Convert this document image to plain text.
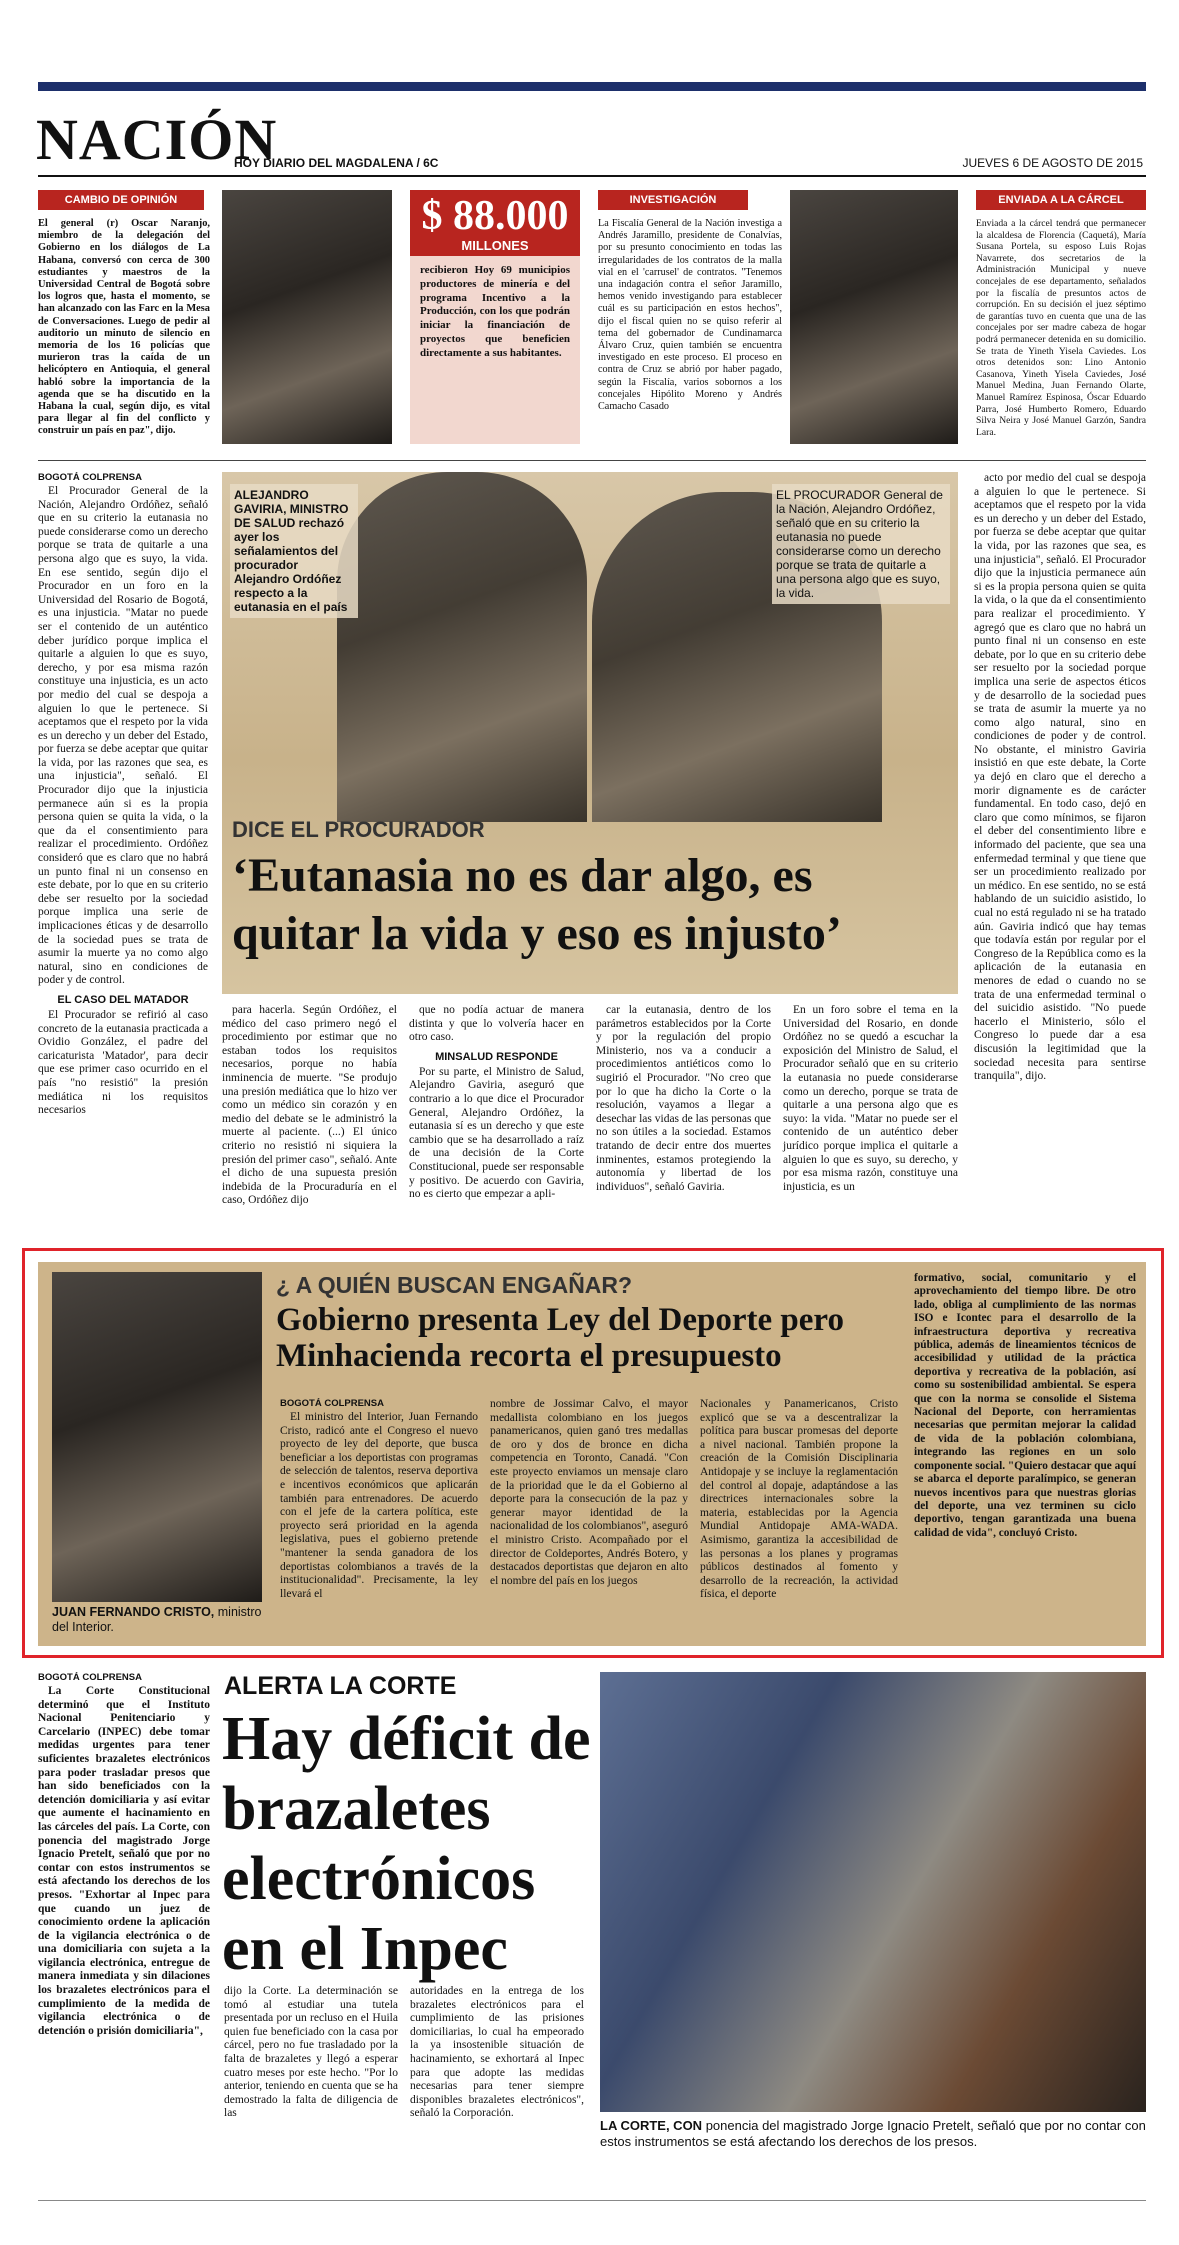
NACIÓN
HOY DIARIO DEL MAGDALENA / 6C	JUEVES 6 DE AGOSTO DE 2015
CAMBIO DE OPINIÓN
El general (r) Óscar Naranjo, miembro de la delegación del Gobierno en los diálogos de La Habana, conversó con cerca de 300 estudiantes y maestros de la Universidad Central de Bogotá sobre los logros que, hasta el momento, se han alcanzado con las Farc en la Mesa de Conversaciones. Luego de pedir al auditorio un minuto de silencio en memoria de los 16 policías que murieron tras la caída de un helicóptero en Antioquia, el general habló sobre la importancia de la agenda que se ha discutido en la Habana la cual, según dijo, es vital para llegar al fin del conflicto y construir un país en paz", dijo.
$ 88.000
MILLONES
recibieron Hoy 69 municipios productores de minería e del programa Incentivo a la Producción, con los que podrán iniciar la financiación de proyectos que beneficien directamente a sus habitantes.
INVESTIGACIÓN
La Fiscalía General de la Nación investiga a Andrés Jaramillo, presidente de Conalvías, por su presunto conocimiento en todas las irregularidades de los contratos de la malla vial en el 'carrusel' de contratos. "Tenemos una indagación contra el señor Jaramillo, hemos venido investigando para establecer cuál es su participación en estos hechos", dijo el fiscal quien no se quiso referir al tema del gobernador de Cundinamarca Álvaro Cruz, quien también se encuentra investigado en este proceso. El proceso en contra de Cruz se abrió por haber pagado, según la Fiscalía, varios sobornos a los concejales Hipólito Moreno y Andrés Camacho Casado
ENVIADA A LA CÁRCEL
Enviada a la cárcel tendrá que permanecer la alcaldesa de Florencia (Caquetá), María Susana Portela, su esposo Luis Rojas Navarrete, dos secretarios de la Administración Municipal y nueve concejales de ese departamento, señalados por la fiscalía de presuntos actos de corrupción. En su decisión el juez séptimo de garantías tuvo en cuenta que una de las concejales por ser madre cabeza de hogar podrá permanecer detenida en su domicilio. Se trata de Yineth Yisela Caviedes. Los otros detenidos son: Lino Antonio Casanova, Yineth Yisela Caviedes, José Manuel Medina, Juan Fernando Olarte, Manuel Ramírez Espinosa, Óscar Eduardo Parra, José Humberto Romero, Eduardo Silva Neira y José Manuel Garzón, Sandra Lara.

BOGOTÁ COLPRENSA

El Procurador General de la Nación, Alejandro Ordóñez, señaló que en su criterio la eutanasia no puede considerarse como un derecho porque se trata de quitarle a una persona algo que es suyo, la vida. En ese sentido, según dijo el Procurador en un foro en la Universidad del Rosario de Bogotá, es una injusticia. "Matar no puede ser el contenido de un auténtico deber jurídico porque implica el quitarle a alguien lo que es suyo, derecho, y por esa misma razón constituye una injusticia, es un acto por medio del cual se despoja a alguien lo que le pertenece. Si aceptamos que el respeto por la vida es un derecho y un deber del Estado, por fuerza se debe aceptar que quitar la vida, por las razones que sea, es una injusticia", señaló. El Procurador dijo que la injusticia permanece aún si es la propia persona quien se quita la vida, o la que da el consentimiento para realizar el procedimiento. Ordóñez consideró que es claro que no habrá un punto final ni un consenso en este debate, por lo que en su criterio debe ser resuelto por la sociedad porque implica una serie de implicaciones éticas y de desarrollo de la sociedad pues se trata de asumir la muerte ya no como algo natural, sino en condiciones de poder y de control.
EL CASO DEL MATADOR
El Procurador se refirió al caso concreto de la eutanasia practicada a Ovidio González, el padre del caricaturista 'Matador', para decir que ese primer caso ocurrido en el país "no resistió" la presión mediática ni los requisitos necesarios
ALEJANDRO GAVIRIA, MINISTRO DE SALUD rechazó ayer los señalamientos del procurador Alejandro Ordóñez respecto a la eutanasia en el país
EL PROCURADOR General de la Nación, Alejandro Ordóñez, señaló que en su criterio la eutanasia no puede considerarse como un derecho porque se trata de quitarle a una persona algo que es suyo, la vida.
DICE EL PROCURADOR
‘Eutanasia no es dar algo, es quitar la vida y eso es injusto’
para hacerla. Según Ordóñez, el médico del caso primero negó el procedimiento por estimar que no estaban todos los requisitos necesarios, porque no había inminencia de muerte. "Se produjo una presión mediática que lo hizo ver como un médico sin corazón y en medio del debate se le administró la muerte al paciente. (...) El único criterio no resistió ni siquiera la presión del primer caso", señaló. Ante el dicho de una supuesta presión indebida de la Procuraduría en el caso, Ordóñez dijo
que no podía actuar de manera distinta y que lo volvería hacer en otro caso.
MINSALUD RESPONDE
Por su parte, el Ministro de Salud, Alejandro Gaviria, aseguró que contrario a lo que dice el Procurador General, Alejandro Ordóñez, la eutanasia sí es un derecho y que este cambio que se ha desarrollado a raíz de una decisión de la Corte Constitucional, puede ser responsable y positivo. De acuerdo con Gaviria, no es cierto que empezar a apli-
car la eutanasia, dentro de los parámetros establecidos por la Corte y por la regulación del propio Ministerio, nos va a conducir a procedimientos antiéticos como lo sugirió el Procurador. "No creo que por lo que ha dicho la Corte o la resolución, vayamos a llegar a desechar las vidas de las personas que no son útiles a la sociedad. Estamos tratando de decir entre dos muertes inminentes, estamos protegiendo la autonomía y libertad de los individuos", señaló Gaviria.
En un foro sobre el tema en la Universidad del Rosario, en donde Ordóñez no se quedó a escuchar la exposición del Ministro de Salud, el Procurador señaló que en su criterio la eutanasia no puede considerarse como un derecho, porque se trata de quitarle a una persona algo que es suyo: la vida. "Matar no puede ser el contenido de un auténtico deber jurídico porque implica el quitarle a alguien lo que es suyo, su derecho, y por esa misma razón, constituye una injusticia, es un
acto por medio del cual se despoja a alguien lo que le pertenece. Si aceptamos que el respeto por la vida es un derecho y un deber del Estado, por fuerza se debe aceptar que quitar la vida, por las razones que sea, es una injusticia", señaló. El Procurador dijo que la injusticia permanece aún si es la propia persona quien se quita la vida, o la que da el consentimiento para realizar el procedimiento. Y agregó que es claro que no habrá un punto final ni un consenso en este debate, por lo que en su criterio debe ser resuelto por la sociedad porque implica una serie de aspectos éticos y de desarrollo de la sociedad pues se trata de asumir la muerte ya no como algo natural, sino en condiciones de poder y de control. No obstante, el ministro Gaviria insistió en que este debate, la Corte ya dejó en claro que el derecho a morir dignamente es de carácter fundamental. En todo caso, dejó en claro que como mínimos, se fijaron el deber del consentimiento libre e informado del paciente, que sea una enfermedad terminal y que tiene que ser un procedimiento realizado por un médico. En ese sentido, no se está hablando de un suicidio asistido, lo cual no está regulado ni se ha tratado aún. Gaviria indicó que hay temas que todavía están por regular por el Congreso de la República como es la aplicación de la eutanasia en menores de edad o cuando no se trata de una enfermedad terminal o del suicidio asistido. "No puede hacerlo el Ministerio, sólo el Congreso lo puede dar a esa discusión la legitimidad que la sociedad necesita para sentirse tranquila", dijo.
JUAN FERNANDO CRISTO, ministro del Interior.
¿ A QUIÉN BUSCAN ENGAÑAR?
Gobierno presenta Ley del Deporte pero Minhacienda recorta el presupuesto

BOGOTÁ COLPRENSA

El ministro del Interior, Juan Fernando Cristo, radicó ante el Congreso el nuevo proyecto de ley del deporte, que busca beneficiar a los deportistas con programas de selección de talentos, reserva deportiva e incentivos económicos que aplicarán también para entrenadores. De acuerdo con el jefe de la cartera política, este proyecto será prioridad en la agenda legislativa, pues el gobierno pretende "mantener la senda ganadora de los deportistas colombianos a través de la institucionalidad". Precisamente, la ley llevará el
nombre de Jossimar Calvo, el mayor medallista colombiano en los juegos panamericanos, quien ganó tres medallas de oro y dos de bronce en dicha competencia en Toronto, Canadá. "Con este proyecto enviamos un mensaje claro de la prioridad que le da el Gobierno al deporte para la consecución de la paz y generar mayor identidad de la nacionalidad de los colombianos", aseguró el ministro Cristo. Acompañado por el director de Coldeportes, Andrés Botero, y destacados deportistas que dejaron en alto el nombre del país en los juegos
Nacionales y Panamericanos, Cristo explicó que se va a descentralizar la política para buscar promesas del deporte a nivel nacional. También propone la creación de la Comisión Disciplinaria Antidopaje y se incluye la reglamentación del control al dopaje, adaptándose a las directrices internacionales sobre la materia, establecidas por la Agencia Mundial Antidopaje AMA-WADA. Asimismo, garantiza la accesibilidad de las personas a los planes y programas públicos destinados al fomento y desarrollo de la recreación, la actividad física, el deporte
formativo, social, comunitario y el aprovechamiento del tiempo libre. De otro lado, obliga al cumplimiento de las normas ISO e Icontec para el desarrollo de la infraestructura deportiva y recreativa pública, además de lineamientos técnicos de accesibilidad y utilidad de la práctica deportiva y recreativa de la población, así como su sostenibilidad ambiental. Se espera que con la norma se consolide el Sistema Nacional del Deporte, con herramientas necesarias que permitan mejorar la calidad de vida de la población colombiana, integrando las regiones en un solo componente social. "Quiero destacar que aquí se abarca el deporte paralímpico, se generan nuevos incentivos para que nuestras glorias del deporte, una vez terminen su ciclo deportivo, tengan garantizada una buena calidad de vida", concluyó Cristo.

BOGOTÁ COLPRENSA

La Corte Constitucional determinó que el Instituto Nacional Penitenciario y Carcelario (INPEC) debe tomar medidas urgentes para tener suficientes brazaletes electrónicos para poder trasladar presos que han sido beneficiados con la detención domiciliaria y así evitar que aumente el hacinamiento en las cárceles del país. La Corte, con ponencia del magistrado Jorge Ignacio Pretelt, señaló que por no contar con estos instrumentos se está afectando los derechos de los presos. "Exhortar al Inpec para que cuando un juez de conocimiento ordene la aplicación de la vigilancia electrónica o de una domiciliaria con sujeta a la vigilancia electrónica, entregue de manera inmediata y sin dilaciones los brazaletes electrónicos para el cumplimiento de la medida de vigilancia electrónica o de detención o prisión domiciliaria",
ALERTA LA CORTE
Hay déficit de brazaletes electrónicos en el Inpec
dijo la Corte. La determinación se tomó al estudiar una tutela presentada por un recluso en el Huila quien fue beneficiado con la casa por cárcel, pero no fue trasladado por la falta de brazaletes y llegó a esperar cuatro meses por este hecho. "Por lo anterior, teniendo en cuenta que se ha demostrado la falta de diligencia de las
autoridades en la entrega de los brazaletes electrónicos para el cumplimiento de las prisiones domiciliarias, lo cual ha empeorado la ya insostenible situación de hacinamiento, se exhortará al Inpec para que adopte las medidas necesarias para tener siempre disponibles brazaletes electrónicos", señaló la Corporación.
LA CORTE, CON ponencia del magistrado Jorge Ignacio Pretelt, señaló que por no contar con estos instrumentos se está afectando los derechos de los presos.
